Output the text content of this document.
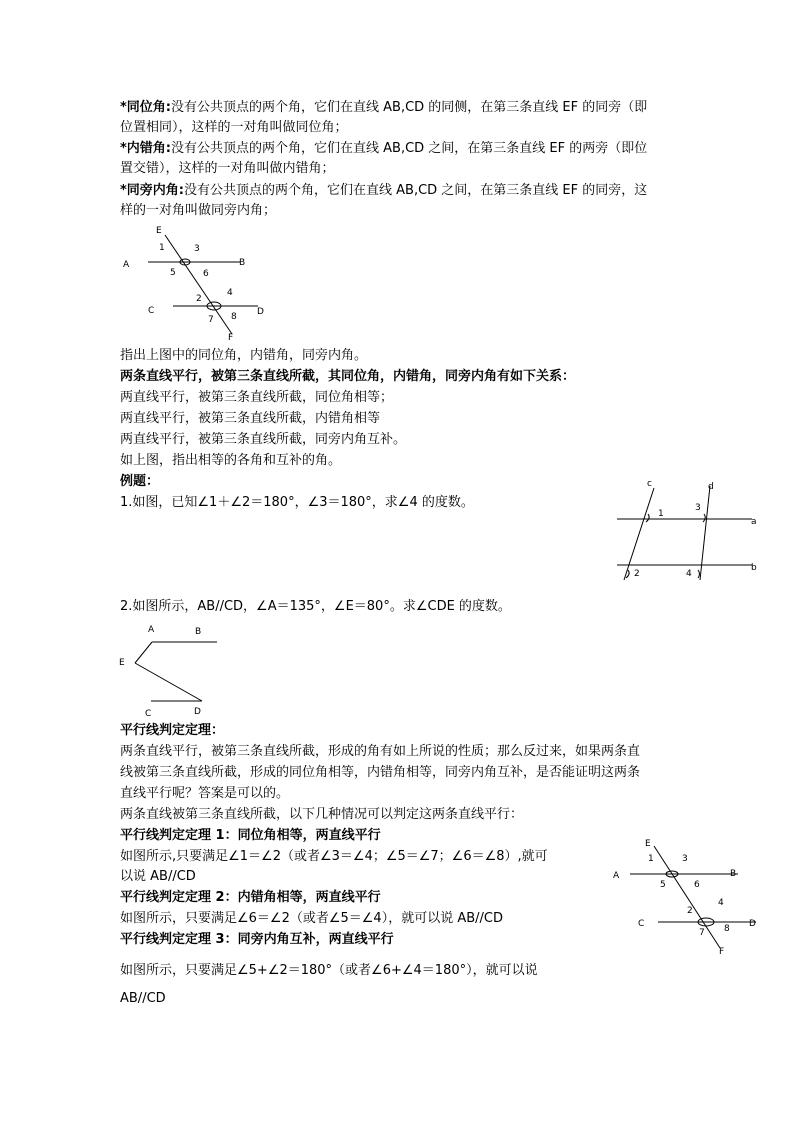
*同位角:没有公共顶点的两个角，它们在直线 AB,CD 的同侧，在第三条直线 EF 的同旁（即
位置相同），这样的一对角叫做同位角；
*内错角:没有公共顶点的两个角，它们在直线 AB,CD 之间，在第三条直线 EF 的两旁（即位
置交错），这样的一对角叫做内错角；
*同旁内角:没有公共顶点的两个角，它们在直线 AB,CD 之间，在第三条直线 EF 的同旁，这
样的一对角叫做同旁内角；
E
A	B
C	D
F
1	3
5	6
2
4
7 8
指出上图中的同位角，内错角，同旁内角。
两条直线平行，被第三条直线所截，其同位角，内错角，同旁内角有如下关系：
两直线平行，被第三条直线所截，同位角相等；
两直线平行，被第三条直线所截，内错角相等
两直线平行，被第三条直线所截，同旁内角互补。
如上图，指出相等的各角和互补的角。
例题：
1.如图，已知∠1＋∠2＝180°，∠3＝180°，求∠4 的度数。
c	d
a
b
1
3
2	4
2.如图所示，AB//CD，∠A＝135°，∠E＝80°。求∠CDE 的度数。
A	B
E
C	D
平行线判定定理：
两条直线平行，被第三条直线所截，形成的角有如上所说的性质；那么反过来，如果两条直
线被第三条直线所截，形成的同位角相等，内错角相等，同旁内角互补，是否能证明这两条
直线平行呢？答案是可以的。
两条直线被第三条直线所截，以下几种情况可以判定这两条直线平行：
平行线判定定理 1：同位角相等，两直线平行
如图所示,只要满足∠1＝∠2（或者∠3＝∠4；∠5＝∠7；∠6＝∠8）,就可
以说 AB//CD
平行线判定定理 2：内错角相等，两直线平行
如图所示，只要满足∠6＝∠2（或者∠5＝∠4），就可以说 AB//CD
平行线判定定理 3：同旁内角互补，两直线平行
如图所示，只要满足∠5+∠2＝180°（或者∠6+∠4＝180°），就可以说
AB//CD
E
A	B
C	D
F
1	3
5	6
2
4
7 8
